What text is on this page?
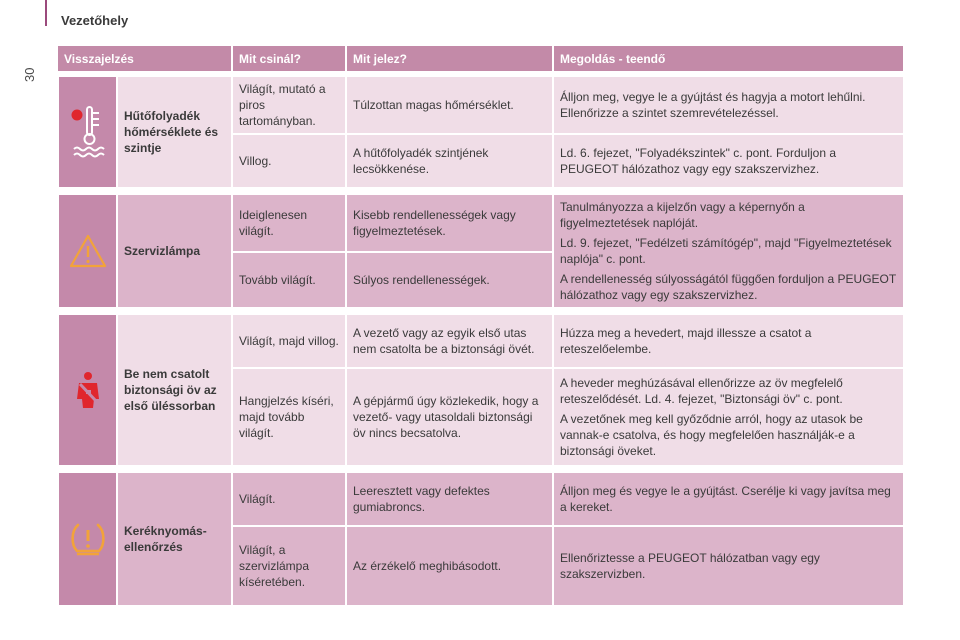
Vezetőhely
30
Visszajelzés		Mit csinál?	Mit jelez?	Megoldás - teendő

	Hűtőfolyadék hőmérséklete és szintje	Világít, mutató a piros tartományban.	Túlzottan magas hőmérséklet.	Álljon meg, vegye le a gyújtást és hagyja a motort lehűlni. Ellenőrizze a szintet szemrevételezéssel.

		Villog.	A hűtőfolyadék szintjének lecsökkenése.	Ld. 6. fejezet, "Folyadékszintek" c. pont. Forduljon a PEUGEOT hálózathoz vagy egy szakszervizhez.

	Szervizlámpa	Ideiglenesen világít.	Kisebb rendellenességek vagy figyelmeztetések.	Tanulmányozza a kijelzőn vagy a képernyőn a figyelmeztetések naplóját.

Ld. 9. fejezet, "Fedélzeti számítógép", majd "Figyelmeztetések naplója" c. pont.

A rendellenesség súlyosságától függően forduljon a PEUGEOT hálózathoz vagy egy szakszervizhez.

		Tovább világít.	Súlyos rendellenességek.	

	Be nem csatolt biztonsági öv az első üléssorban	Világít, majd villog.	A vezető vagy az egyik első utas nem csatolta be a biztonsági övét.	Húzza meg a hevedert, majd illessze a csatot a reteszelőelembe.

		Hangjelzés kíséri, majd tovább világít.	A gépjármű úgy közlekedik, hogy a vezető- vagy utasoldali biztonsági öv nincs becsatolva.	A heveder meghúzásával ellenőrizze az öv megfelelő reteszelődését. Ld. 4. fejezet, "Biztonsági öv" c. pont.

A vezetőnek meg kell győződnie arról, hogy az utasok be vannak-e csatolva, és hogy megfelelően használják-e a biztonsági öveket.

	Keréknyomás-ellenőrzés	Világít.	Leeresztett vagy defektes gumiabroncs.	Álljon meg és vegye le a gyújtást. Cserélje ki vagy javítsa meg a kereket.

		Világít, a szervizlámpa kíséretében.	Az érzékelő meghibásodott.	Ellenőriztesse a PEUGEOT hálózatban vagy egy szakszervizben.
